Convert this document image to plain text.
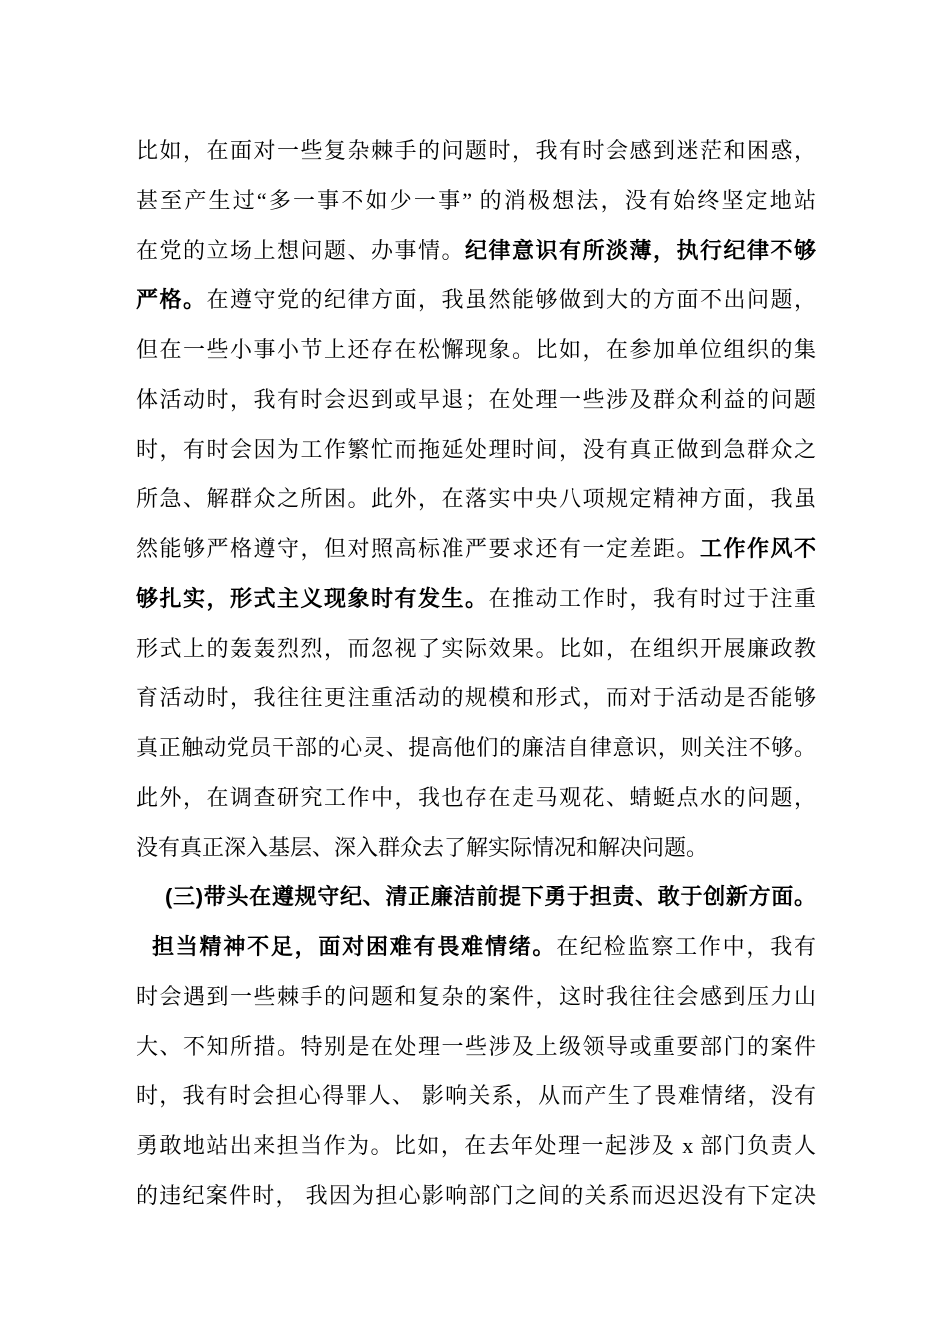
比如，在面对一些复杂棘手的问题时，我有时会感到迷茫和困惑，
甚至产生过“多一事不如少一事” 的消极想法，没有始终坚定地站
在党的立场上想问题、办事情。纪律意识有所淡薄，执行纪律不够
严格。在遵守党的纪律方面，我虽然能够做到大的方面不出问题，
但在一些小事小节上还存在松懈现象。比如，在参加单位组织的集
体活动时，我有时会迟到或早退；在处理一些涉及群众利益的问题
时，有时会因为工作繁忙而拖延处理时间，没有真正做到急群众之
所急、解群众之所困。此外，在落实中央八项规定精神方面，我虽
然能够严格遵守，但对照高标准严要求还有一定差距。工作作风不
够扎实，形式主义现象时有发生。在推动工作时，我有时过于注重
形式上的轰轰烈烈，而忽视了实际效果。比如，在组织开展廉政教
育活动时，我往往更注重活动的规模和形式，而对于活动是否能够
真正触动党员干部的心灵、提高他们的廉洁自律意识，则关注不够。
此外，在调查研究工作中，我也存在走马观花、蜻蜓点水的问题，
没有真正深入基层、深入群众去了解实际情况和解决问题。
(三)带头在遵规守纪、清正廉洁前提下勇于担责、敢于创新方面。
担当精神不足，面对困难有畏难情绪。在纪检监察工作中，我有
时会遇到一些棘手的问题和复杂的案件，这时我往往会感到压力山
大、不知所措。特别是在处理一些涉及上级领导或重要部门的案件
时，我有时会担心得罪人、 影响关系，从而产生了畏难情绪，没有
勇敢地站出来担当作为。比如，在去年处理一起涉及 x 部门负责人
的违纪案件时， 我因为担心影响部门之间的关系而迟迟没有下定决
